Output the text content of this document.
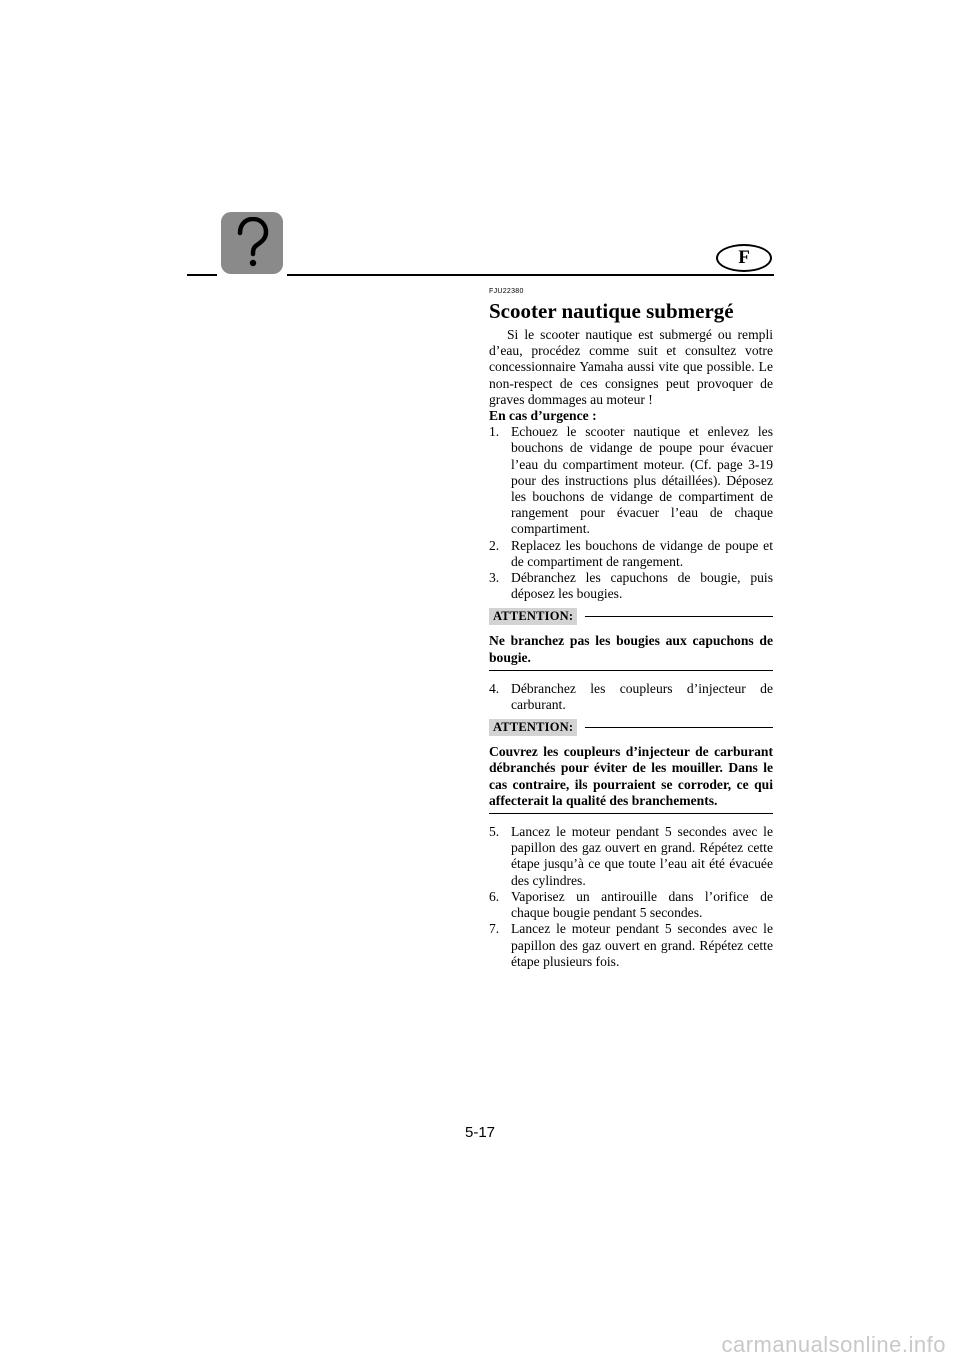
F
FJU22380
Scooter nautique submergé

Si le scooter nautique est submergé ou rempli d’eau, procédez comme suit et consultez votre concessionnaire Yamaha aussi vite que possible. Le non-respect de ces consignes peut provoquer de graves dommages au moteur !

En cas d’urgence :

1. Echouez le scooter nautique et enlevez les bouchons de vidange de poupe pour évacuer l’eau du compartiment moteur. (Cf. page 3-19 pour des instructions plus détaillées). Déposez les bouchons de vidange de compartiment de rangement pour évacuer l’eau de chaque compartiment.
2. Replacez les bouchons de vidange de poupe et de compartiment de rangement.
3. Débranchez les capuchons de bougie, puis déposez les bougies.
ATTENTION:
Ne branchez pas les bougies aux capuchons de bougie.
4. Débranchez les coupleurs d’injecteur de carburant.
ATTENTION:
Couvrez les coupleurs d’injecteur de carburant débranchés pour éviter de les mouiller. Dans le cas contraire, ils pourraient se corroder, ce qui affecterait la qualité des branchements.
5. Lancez le moteur pendant 5 secondes avec le papillon des gaz ouvert en grand. Répétez cette étape jusqu’à ce que toute l’eau ait été évacuée des cylindres.
6. Vaporisez un antirouille dans l’orifice de chaque bougie pendant 5 secondes.
7. Lancez le moteur pendant 5 secondes avec le papillon des gaz ouvert en grand. Répétez cette étape plusieurs fois.
5-17
carmanualsonline.info
